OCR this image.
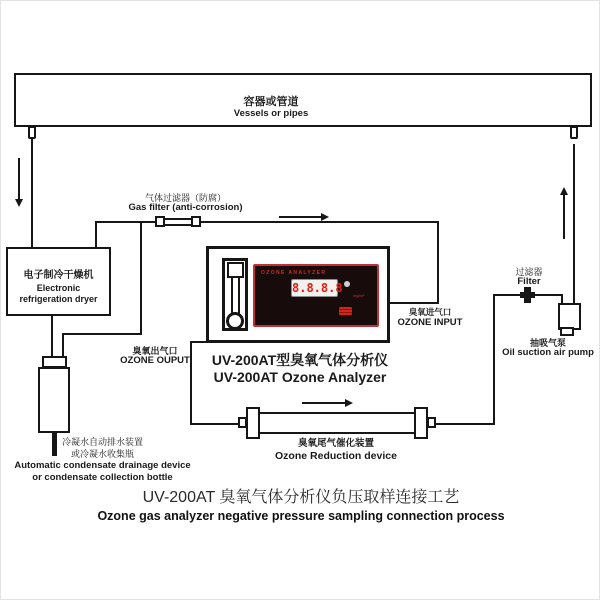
容器或管道
Vessels or pipes
电子制冷干燥机
Electronic
refrigeration dryer
气体过滤器（防腐）
Gas filter (anti-corrosion)
OZONE ANALYZER
8.8.8.8
mg/m³
UV-200AT型臭氧气体分析仪
UV-200AT Ozone Analyzer
臭氧出气口
OZONE OUPUT
臭氧进气口
OZONE INPUT
过滤器
Filter
抽吸气泵
Oil suction air pump
臭氧尾气催化装置
Ozone Reduction device
冷凝水自动排水装置
或冷凝水收集瓶
Automatic condensate drainage device
or condensate collection bottle
UV-200AT 臭氧气体分析仪负压取样连接工艺
Ozone gas analyzer negative pressure sampling connection process
